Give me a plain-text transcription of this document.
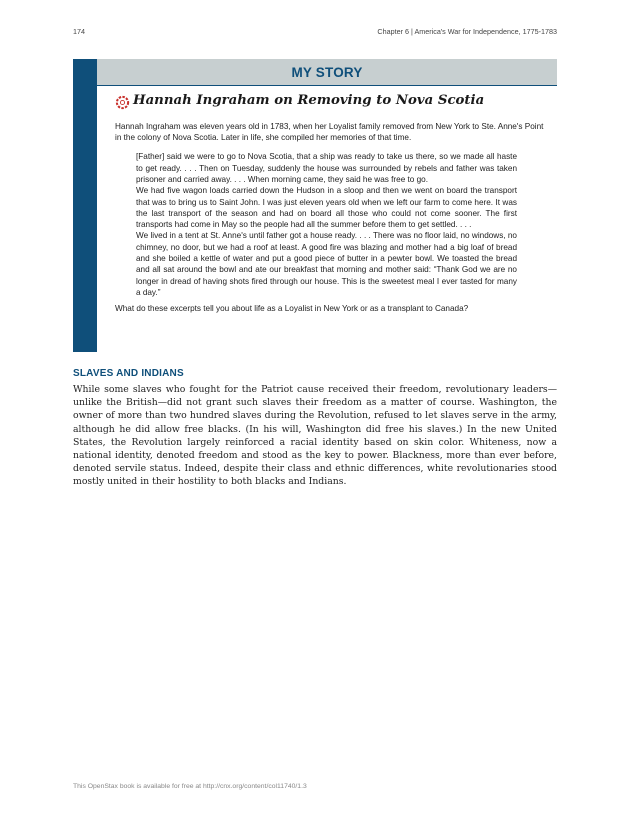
174	Chapter 6 | America's War for Independence, 1775-1783
MY STORY
Hannah Ingraham on Removing to Nova Scotia

Hannah Ingraham was eleven years old in 1783, when her Loyalist family removed from New York to Ste. Anne's Point in the colony of Nova Scotia. Later in life, she compiled her memories of that time.

[Father] said we were to go to Nova Scotia, that a ship was ready to take us there, so we made all haste to get ready. . . . Then on Tuesday, suddenly the house was surrounded by rebels and father was taken prisoner and carried away. . . . When morning came, they said he was free to go.

We had five wagon loads carried down the Hudson in a sloop and then we went on board the transport that was to bring us to Saint John. I was just eleven years old when we left our farm to come here. It was the last transport of the season and had on board all those who could not come sooner. The first transports had come in May so the people had all the summer before them to get settled. . . .

We lived in a tent at St. Anne's until father got a house ready. . . . There was no floor laid, no windows, no chimney, no door, but we had a roof at least. A good fire was blazing and mother had a big loaf of bread and she boiled a kettle of water and put a good piece of butter in a pewter bowl. We toasted the bread and all sat around the bowl and ate our breakfast that morning and mother said: “Thank God we are no longer in dread of having shots fired through our house. This is the sweetest meal I ever tasted for many a day.”

What do these excerpts tell you about life as a Loyalist in New York or as a transplant to Canada?

SLAVES AND INDIANS

While some slaves who fought for the Patriot cause received their freedom, revolutionary leaders—unlike the British—did not grant such slaves their freedom as a matter of course. Washington, the owner of more than two hundred slaves during the Revolution, refused to let slaves serve in the army, although he did allow free blacks. (In his will, Washington did free his slaves.) In the new United States, the Revolution largely reinforced a racial identity based on skin color. Whiteness, now a national identity, denoted freedom and stood as the key to power. Blackness, more than ever before, denoted servile status. Indeed, despite their class and ethnic differences, white revolutionaries stood mostly united in their hostility to both blacks and Indians.

This OpenStax book is available for free at http://cnx.org/content/col11740/1.3
